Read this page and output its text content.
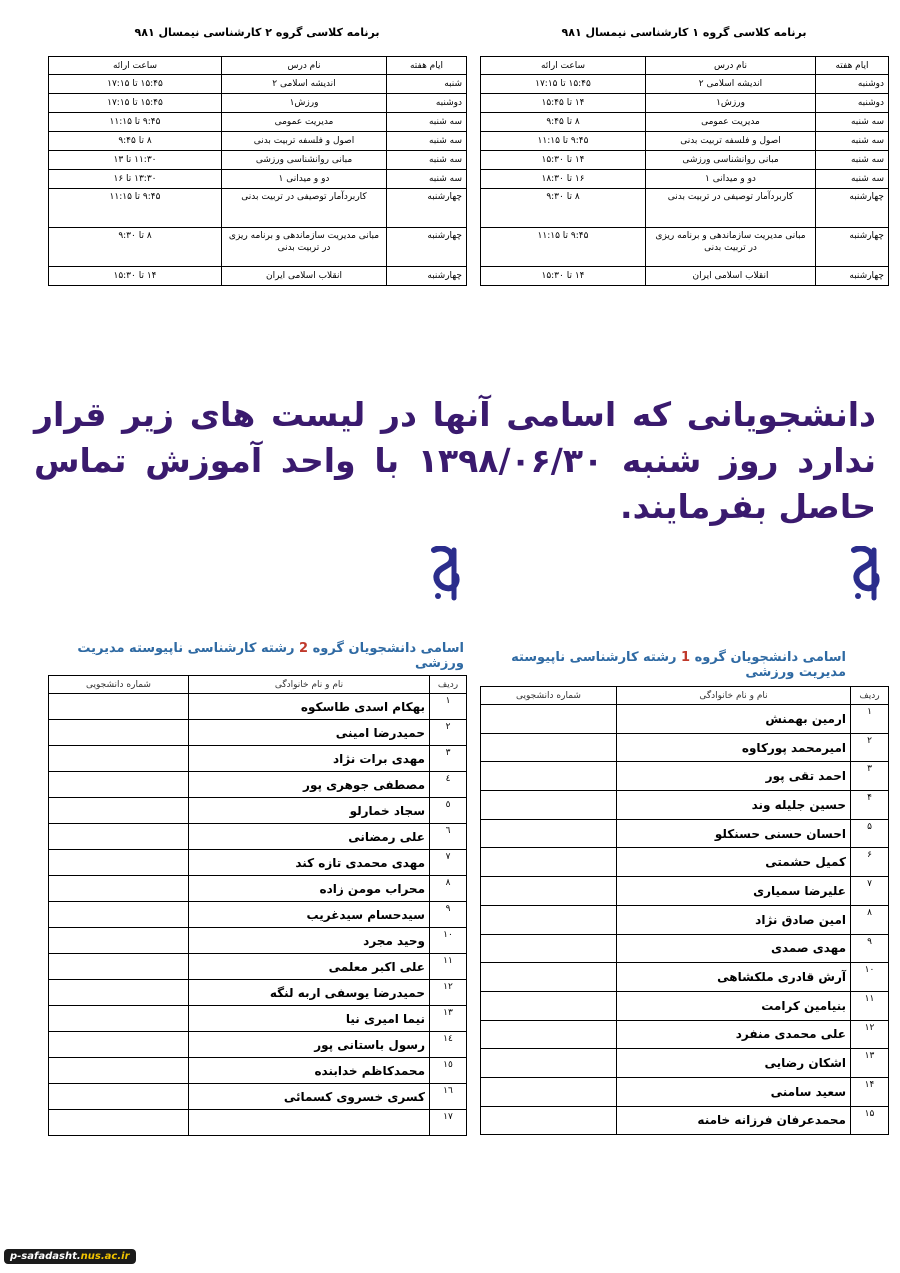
برنامه کلاسی گروه ۱ کارشناسی نیمسال ۹۸۱
برنامه کلاسی گروه ۲ کارشناسی نیمسال ۹۸۱
ایام هفته	نام درس	ساعت ارائه
دوشنبه	اندیشه اسلامی ۲	۱۵:۴۵ تا ۱۷:۱۵
دوشنبه	ورزش۱	۱۴ تا ۱۵:۴۵
سه شنبه	مدیریت عمومی	۸ تا ۹:۴۵
سه شنبه	اصول و فلسفه تربیت بدنی	۹:۴۵ تا ۱۱:۱۵
سه شنبه	مبانی روانشناسی ورزشی	۱۴ تا ۱۵:۳۰
سه شنبه	دو و میدانی ۱	۱۶ تا ۱۸:۳۰
چهارشنبه	کاربردآمار توصیفی در تربیت بدنی	۸ تا ۹:۳۰
چهارشنبه	مبانی مدیریت سازماندهی و برنامه ریزی در تربیت بدنی	۹:۴۵ تا ۱۱:۱۵
چهارشنبه	انقلاب اسلامی ایران	۱۴ تا ۱۵:۳۰
ایام هفته	نام درس	ساعت ارائه
شنبه	اندیشه اسلامی ۲	۱۵:۴۵ تا ۱۷:۱۵
دوشنبه	ورزش۱	۱۵:۴۵ تا ۱۷:۱۵
سه شنبه	مدیریت عمومی	۹:۴۵ تا ۱۱:۱۵
سه شنبه	اصول و فلسفه تربیت بدنی	۸ تا ۹:۴۵
سه شنبه	مبانی روانشناسی ورزشی	۱۱:۳۰ تا ۱۳
سه شنبه	دو و میدانی ۱	۱۳:۳۰ تا ۱۶
چهارشنبه	کاربردآمار توصیفی در تربیت بدنی	۹:۴۵ تا ۱۱:۱۵
چهارشنبه	مبانی مدیریت سازماندهی و برنامه ریزی در تربیت بدنی	۸ تا ۹:۳۰
چهارشنبه	انقلاب اسلامی ایران	۱۴ تا ۱۵:۳۰
دانشجویانی که اسامی آنها در لیست های زیر قرار ندارد روز شنبه ۱۳۹۸/۰۶/۳۰ با واحد آموزش تماس حاصل بفرمایند.
اسامی دانشجویان گروه 1 رشته کارشناسی ناپیوسته مدیریت ورزشی
اسامی دانشجویان گروه 2 رشته کارشناسی ناپیوسته مدیریت ورزشی
ردیف	نام و نام خانوادگی	شماره دانشجویی
۱	ارمین بهمنش	
۲	امیرمحمد پورکاوه	
۳	احمد تقی پور	
۴	حسین جلیله وند	
۵	احسان حسنی حسنکلو	
۶	کمیل حشمتی	
۷	علیرضا سمیاری	
۸	امین صادق نژاد	
۹	مهدی صمدی	
۱۰	آرش قادری ملکشاهی	
۱۱	بنیامین کرامت	
۱۲	علی محمدی منفرد	
۱۳	اشکان رضایی	
۱۴	سعید سامنی	
۱۵	محمدعرفان فرزانه خامنه	
ردیف	نام و نام خانوادگی	شماره دانشجویی
۱	بهکام اسدی طاسکوه	
۲	حمیدرضا امینی	
۳	مهدی برات نژاد	
٤	مصطفی جوهری پور	
٥	سجاد خمارلو	
٦	علی رمضانی	
٧	مهدی محمدی تازه کند	
٨	محراب مومن زاده	
٩	سیدحسام سیدغریب	
١٠	وحید مجرد	
١١	علی اکبر معلمی	
١٢	حمیدرضا یوسفی اربه لنگه	
١٣	نیما امیری نیا	
١٤	رسول باستانی پور	
١٥	محمدکاظم خدابنده	
١٦	کسری خسروی کسمائی	
١٧		
p-safadasht.nus.ac.ir
